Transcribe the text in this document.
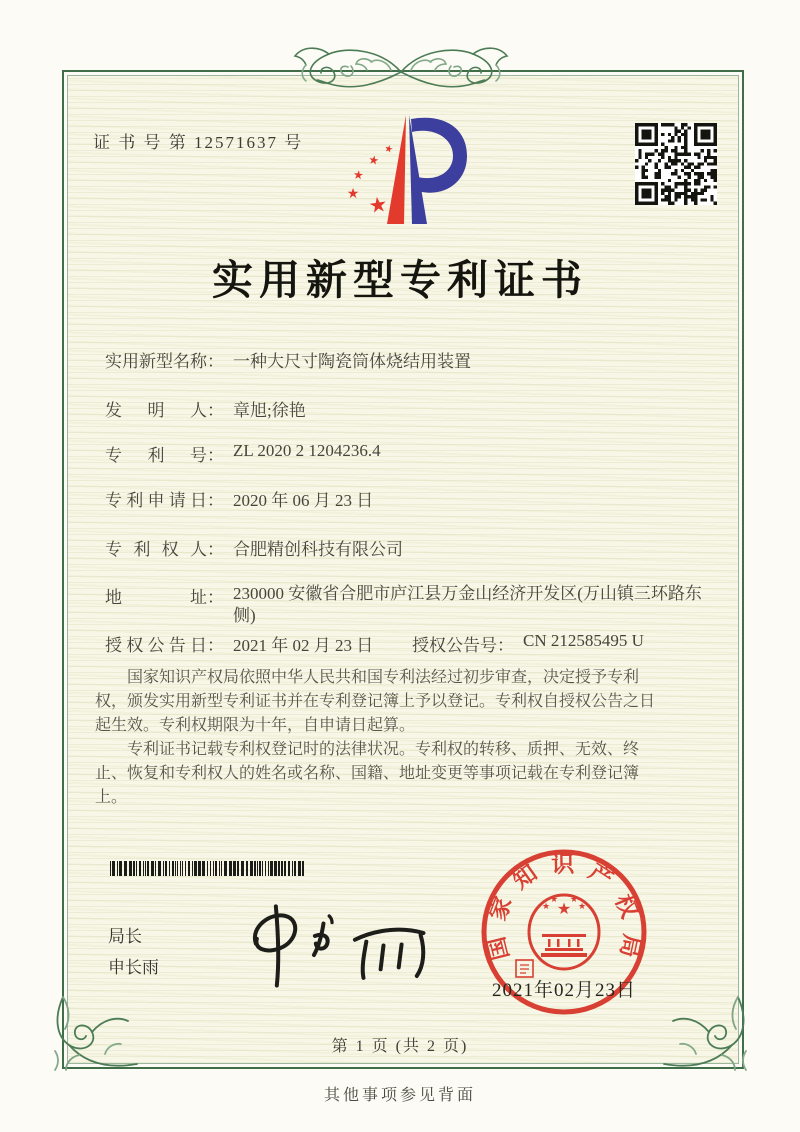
证 书 号 第 12571637 号	★
★
★
★ ★
实用新型专利证书
实用新型名称 ： 一种大尺寸陶瓷筒体烧结用装置
发明人 ： 章旭;徐艳
专利号 ： ZL 2020 2 1204236.4
专利申请日 ： 2020 年 06 月 23 日
专利权人 ： 合肥精创科技有限公司
地址 ： 230000 安徽省合肥市庐江县万金山经济开发区(万山镇三环路东侧)
授权公告日 ： 2021 年 02 月 23 日 授权公告号 ： CN 212585495 U

国家知识产权局依照中华人民共和国专利法经过初步审查，决定授予专利权，颁发实用新型专利证书并在专利登记簿上予以登记。专利权自授权公告之日起生效。专利权期限为十年，自申请日起算。

专利证书记载专利权登记时的法律状况。专利权的转移、质押、无效、终止、恢复和专利权人的姓名或名称、国籍、地址变更等事项记载在专利登记簿上。

局长
申长雨
国家知识产权局
★
★
★ ★
★
2021年02月23日
第 1 页 (共 2 页)
其他事项参见背面
